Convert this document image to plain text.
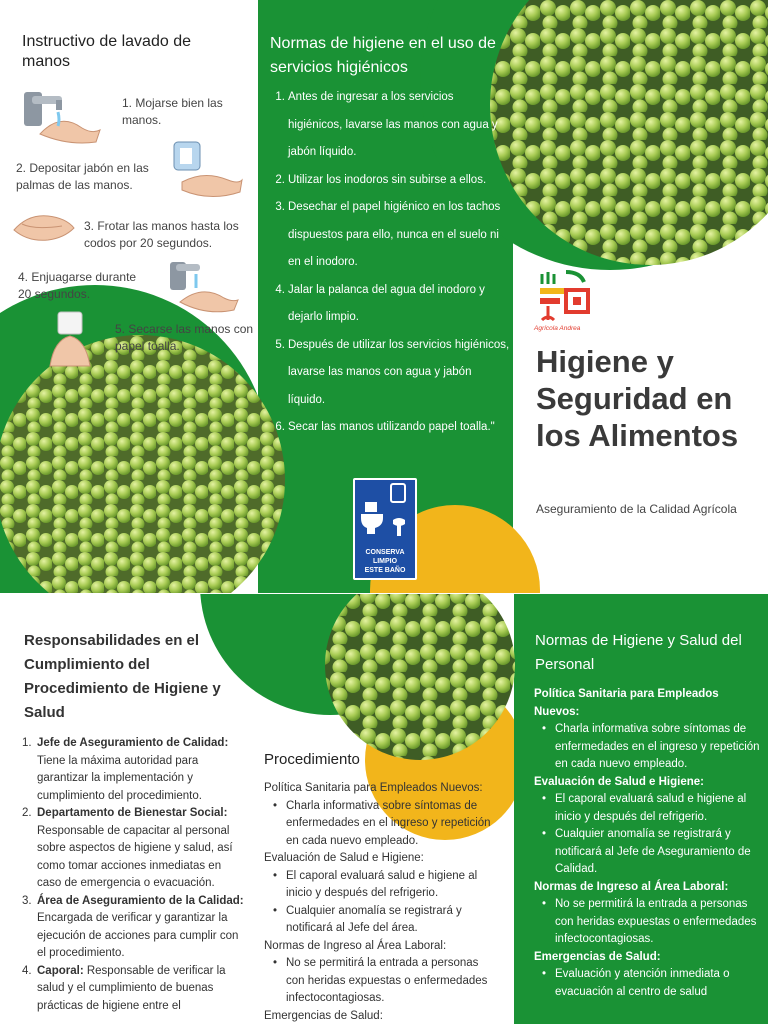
Instructivo de lavado de manos
1. Mojarse bien las manos.
2. Depositar jabón en las palmas de las manos.
3. Frotar las manos hasta los codos por 20 segundos.
4. Enjuagarse durante 20 segundos.
5. Secarse las manos con papel toalla.
Normas de higiene en el uso de servicios higiénicos
1. Antes de ingresar a los servicios higiénicos, lavarse las manos con agua y jabón líquido.
2. Utilizar los inodoros sin subirse a ellos.
3. Desechar el papel higiénico en los tachos dispuestos para ello, nunca en el suelo ni en el inodoro.
4. Jalar la palanca del agua del inodoro y dejarlo limpio.
5. Después de utilizar los servicios higiénicos, lavarse las manos con agua y jabón líquido.
6. Secar las manos utilizando papel toalla."
CONSERVA LIMPIO
ESTE BAÑO
Agrícola Andrea
Higiene y Seguridad en los Alimentos
Aseguramiento de la Calidad Agrícola
Responsabilidades en el Cumplimiento del Procedimiento de Higiene y Salud
1. Jefe de Aseguramiento de Calidad: Tiene la máxima autoridad para garantizar la implementación y cumplimiento del procedimiento.
2. Departamento de Bienestar Social: Responsable de capacitar al personal sobre aspectos de higiene y salud, así como tomar acciones inmediatas en caso de emergencia o evacuación.
3. Área de Aseguramiento de la Calidad: Encargada de verificar y garantizar la ejecución de acciones para cumplir con el procedimiento.
4. Caporal: Responsable de verificar la salud y el cumplimiento de buenas prácticas de higiene entre el
Procedimiento
Política Sanitaria para Empleados Nuevos:
• Charla informativa sobre síntomas de enfermedades en el ingreso y repetición en cada nuevo empleado.
Evaluación de Salud e Higiene:
• El caporal evaluará salud e higiene al inicio y después del refrigerio.
• Cualquier anomalía se registrará y notificará al Jefe del área.
Normas de Ingreso al Área Laboral:
• No se permitirá la entrada a personas con heridas expuestas o enfermedades infectocontagiosas.
Emergencias de Salud:
Normas de Higiene y Salud del Personal
Política Sanitaria para Empleados Nuevos:
• Charla informativa sobre síntomas de enfermedades en el ingreso y repetición en cada nuevo empleado.
Evaluación de Salud e Higiene:
• El caporal evaluará salud e higiene al inicio y después del refrigerio.
• Cualquier anomalía se registrará y notificará al Jefe de Aseguramiento de Calidad.
Normas de Ingreso al Área Laboral:
• No se permitirá la entrada a personas con heridas expuestas o enfermedades infectocontagiosas.
Emergencias de Salud:
• Evaluación y atención inmediata o evacuación al centro de salud
